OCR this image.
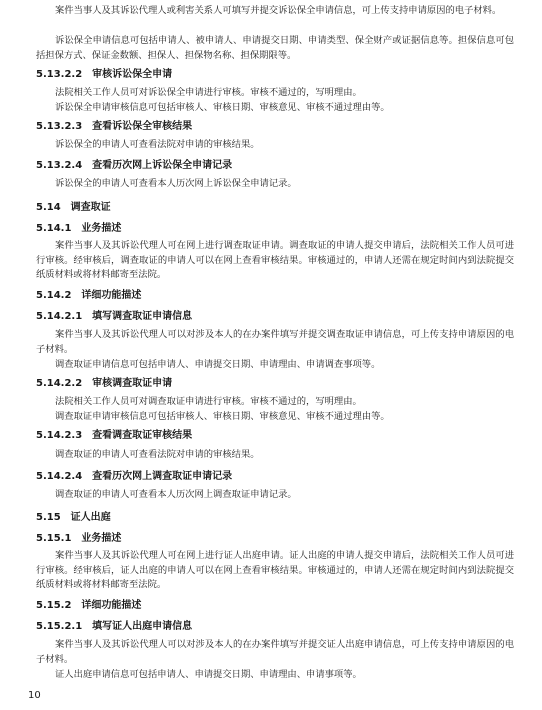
案件当事人及其诉讼代理人或利害关系人可填写并提交诉讼保全申请信息，可上传支持申请原因的电子材料。

诉讼保全申请信息可包括申请人、被申请人、申请提交日期、申请类型、保全财产或证据信息等。担保信息可包括担保方式、保证金数额、担保人、担保物名称、担保期限等。

5.13.2.2　审核诉讼保全申请

法院相关工作人员可对诉讼保全申请进行审核。审核不通过的，写明理由。

诉讼保全申请审核信息可包括审核人、审核日期、审核意见、审核不通过理由等。

5.13.2.3　查看诉讼保全审核结果

诉讼保全的申请人可查看法院对申请的审核结果。

5.13.2.4　查看历次网上诉讼保全申请记录

诉讼保全的申请人可查看本人历次网上诉讼保全申请记录。

5.14　调查取证
5.14.1　业务描述

案件当事人及其诉讼代理人可在网上进行调查取证申请。调查取证的申请人提交申请后，法院相关工作人员可进行审核。经审核后，调查取证的申请人可以在网上查看审核结果。审核通过的，申请人还需在规定时间内到法院提交纸质材料或将材料邮寄至法院。

5.14.2　详细功能描述
5.14.2.1　填写调查取证申请信息

案件当事人及其诉讼代理人可以对涉及本人的在办案件填写并提交调查取证申请信息，可上传支持申请原因的电子材料。

调查取证申请信息可包括申请人、申请提交日期、申请理由、申请调查事项等。

5.14.2.2　审核调查取证申请

法院相关工作人员可对调查取证申请进行审核。审核不通过的，写明理由。

调查取证申请审核信息可包括审核人、审核日期、审核意见、审核不通过理由等。

5.14.2.3　查看调查取证审核结果

调查取证的申请人可查看法院对申请的审核结果。

5.14.2.4　查看历次网上调查取证申请记录

调查取证的申请人可查看本人历次网上调查取证申请记录。

5.15　证人出庭
5.15.1　业务描述

案件当事人及其诉讼代理人可在网上进行证人出庭申请。证人出庭的申请人提交申请后，法院相关工作人员可进行审核。经审核后，证人出庭的申请人可以在网上查看审核结果。审核通过的，申请人还需在规定时间内到法院提交纸质材料或将材料邮寄至法院。

5.15.2　详细功能描述
5.15.2.1　填写证人出庭申请信息

案件当事人及其诉讼代理人可以对涉及本人的在办案件填写并提交证人出庭申请信息，可上传支持申请原因的电子材料。

证人出庭申请信息可包括申请人、申请提交日期、申请理由、申请事项等。

10
